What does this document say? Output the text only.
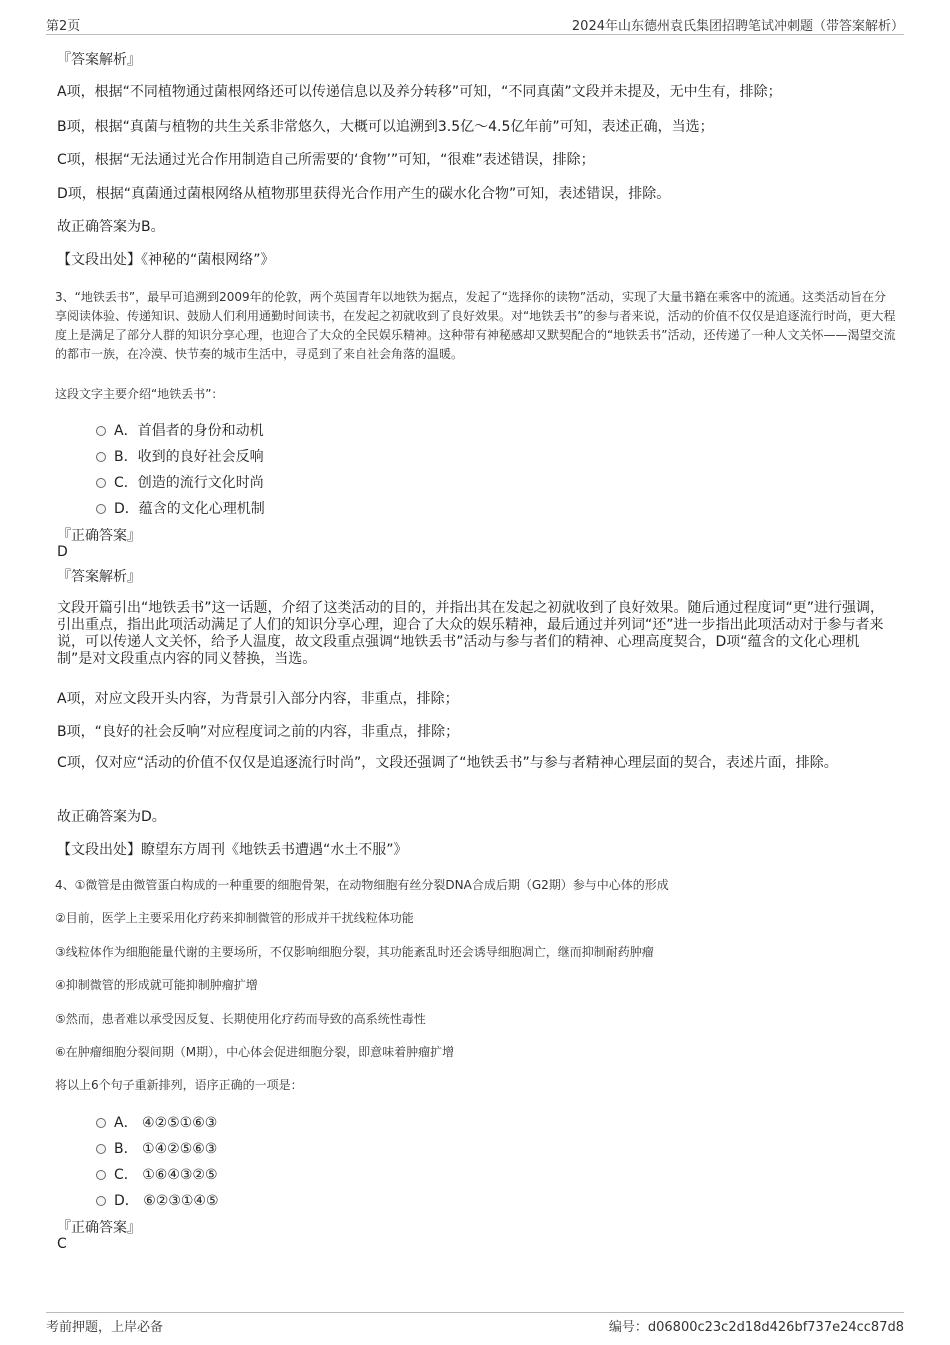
第2页	2024年山东德州袁氏集团招聘笔试冲刺题（带答案解析）
『答案解析』
A项，根据“不同植物通过菌根网络还可以传递信息以及养分转移”可知，“不同真菌”文段并未提及，无中生有，排除；
B项，根据“真菌与植物的共生关系非常悠久，大概可以追溯到3.5亿～4.5亿年前”可知，表述正确，当选；
C项，根据“无法通过光合作用制造自己所需要的‘食物’”可知，“很难”表述错误，排除；
D项，根据“真菌通过菌根网络从植物那里获得光合作用产生的碳水化合物”可知，表述错误，排除。
故正确答案为B。
【文段出处】《神秘的“菌根网络”》
3、“地铁丢书”，最早可追溯到2009年的伦敦，两个英国青年以地铁为据点，发起了“选择你的读物”活动，实现了大量书籍在乘客中的流通。这类活动旨在分享阅读体验、传递知识、鼓励人们利用通勤时间读书，在发起之初就收到了良好效果。对“地铁丢书”的参与者来说，活动的价值不仅仅是追逐流行时尚，更大程度上是满足了部分人群的知识分享心理，也迎合了大众的全民娱乐精神。这种带有神秘感却又默契配合的“地铁丢书”活动，还传递了一种人文关怀——渴望交流的都市一族，在冷漠、快节奏的城市生活中，寻觅到了来自社会角落的温暖。
这段文字主要介绍“地铁丢书”：
A．首倡者的身份和动机
B．收到的良好社会反响
C．创造的流行文化时尚
D．蕴含的文化心理机制
『正确答案』
D
『答案解析』
文段开篇引出“地铁丢书”这一话题，介绍了这类活动的目的，并指出其在发起之初就收到了良好效果。随后通过程度词“更”进行强调，引出重点，指出此项活动满足了人们的知识分享心理，迎合了大众的娱乐精神，最后通过并列词“还”进一步指出此项活动对于参与者来说，可以传递人文关怀，给予人温度，故文段重点强调“地铁丢书”活动与参与者们的精神、心理高度契合，D项“蕴含的文化心理机制”是对文段重点内容的同义替换，当选。
A项，对应文段开头内容，为背景引入部分内容，非重点，排除；
B项，“良好的社会反响”对应程度词之前的内容，非重点，排除；
C项，仅对应“活动的价值不仅仅是追逐流行时尚”，文段还强调了“地铁丢书”与参与者精神心理层面的契合，表述片面，排除。
故正确答案为D。
【文段出处】瞭望东方周刊《地铁丢书遭遇“水土不服”》
4、①微管是由微管蛋白构成的一种重要的细胞骨架，在动物细胞有丝分裂DNA合成后期（G2期）参与中心体的形成
②目前，医学上主要采用化疗药来抑制微管的形成并干扰线粒体功能
③线粒体作为细胞能量代谢的主要场所，不仅影响细胞分裂，其功能紊乱时还会诱导细胞凋亡，继而抑制耐药肿瘤
④抑制微管的形成就可能抑制肿瘤扩增
⑤然而，患者难以承受因反复、长期使用化疗药而导致的高系统性毒性
⑥在肿瘤细胞分裂间期（M期），中心体会促进细胞分裂，即意味着肿瘤扩增
将以上6个句子重新排列，语序正确的一项是：
A． ④②⑤①⑥③
B． ①④②⑤⑥③
C． ①⑥④③②⑤
D． ⑥②③①④⑤
『正确答案』
C
考前押题，上岸必备	编号：d06800c23c2d18d426bf737e24cc87d8
